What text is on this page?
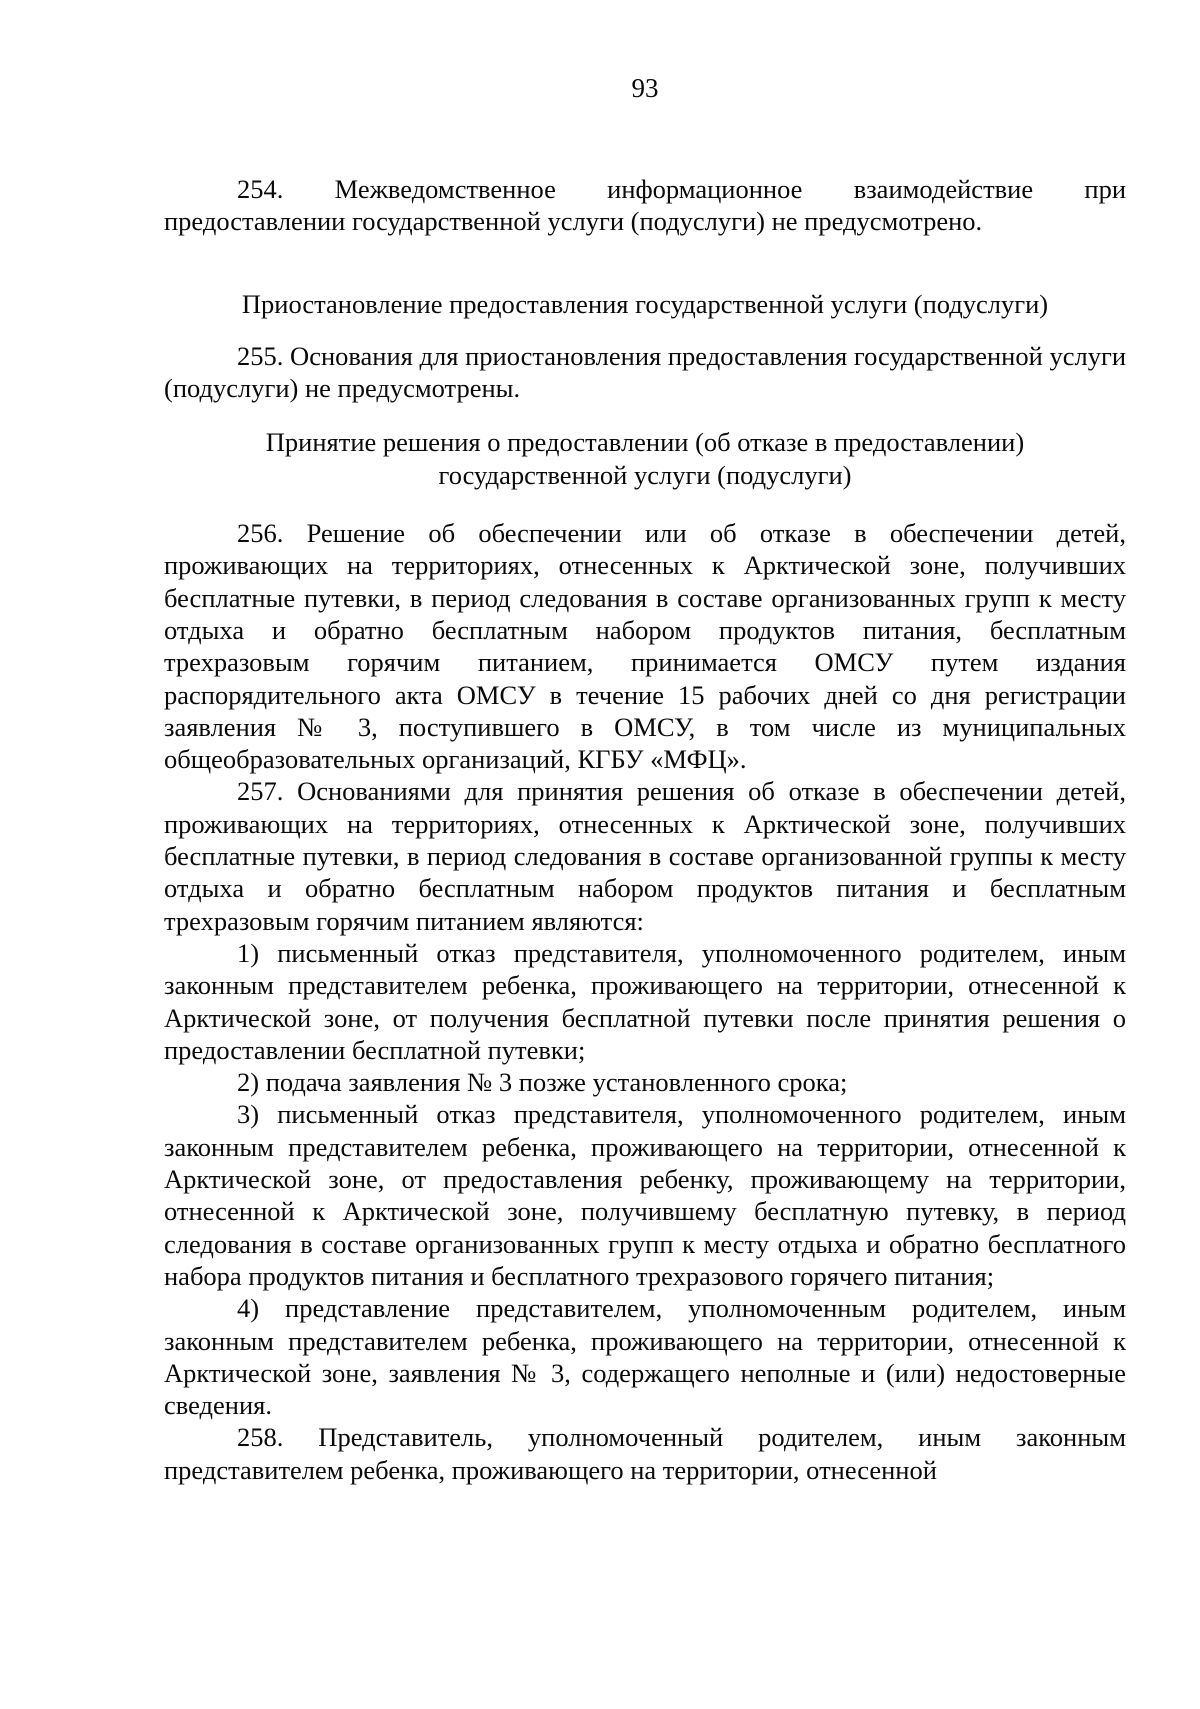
93

254. Межведомственное информационное взаимодействие при предоставлении государственной услуги (подуслуги) не предусмотрено.

Приостановление предоставления государственной услуги (подуслуги)

255. Основания для приостановления предоставления государственной услуги (подуслуги) не предусмотрены.

Принятие решения о предоставлении (об отказе в предоставлении)

государственной услуги (подуслуги)

256. Решение об обеспечении или об отказе в обеспечении детей, проживающих на территориях, отнесенных к Арктической зоне, получивших бесплатные путевки, в период следования в составе организованных групп к месту отдыха и обратно бесплатным набором продуктов питания, бесплатным трехразовым горячим питанием, принимается ОМСУ путем издания распорядительного акта ОМСУ в течение 15 рабочих дней со дня регистрации заявления № 3, поступившего в ОМСУ, в том числе из муниципальных общеобразовательных организаций, КГБУ «МФЦ».

257. Основаниями для принятия решения об отказе в обеспечении детей, проживающих на территориях, отнесенных к Арктической зоне, получивших бесплатные путевки, в период следования в составе организованной группы к месту отдыха и обратно бесплатным набором продуктов питания и бесплатным трехразовым горячим питанием являются:

1) письменный отказ представителя, уполномоченного родителем, иным законным представителем ребенка, проживающего на территории, отнесенной к Арктической зоне, от получения бесплатной путевки после принятия решения о предоставлении бесплатной путевки;

2) подача заявления № 3 позже установленного срока;

3) письменный отказ представителя, уполномоченного родителем, иным законным представителем ребенка, проживающего на территории, отнесенной к Арктической зоне, от предоставления ребенку, проживающему на территории, отнесенной к Арктической зоне, получившему бесплатную путевку, в период следования в составе организованных групп к месту отдыха и обратно бесплатного набора продуктов питания и бесплатного трехразового горячего питания;

4) представление представителем, уполномоченным родителем, иным законным представителем ребенка, проживающего на территории, отнесенной к Арктической зоне, заявления № 3, содержащего неполные и (или) недостоверные сведения.

258. Представитель, уполномоченный родителем, иным законным представителем ребенка, проживающего на территории, отнесенной
